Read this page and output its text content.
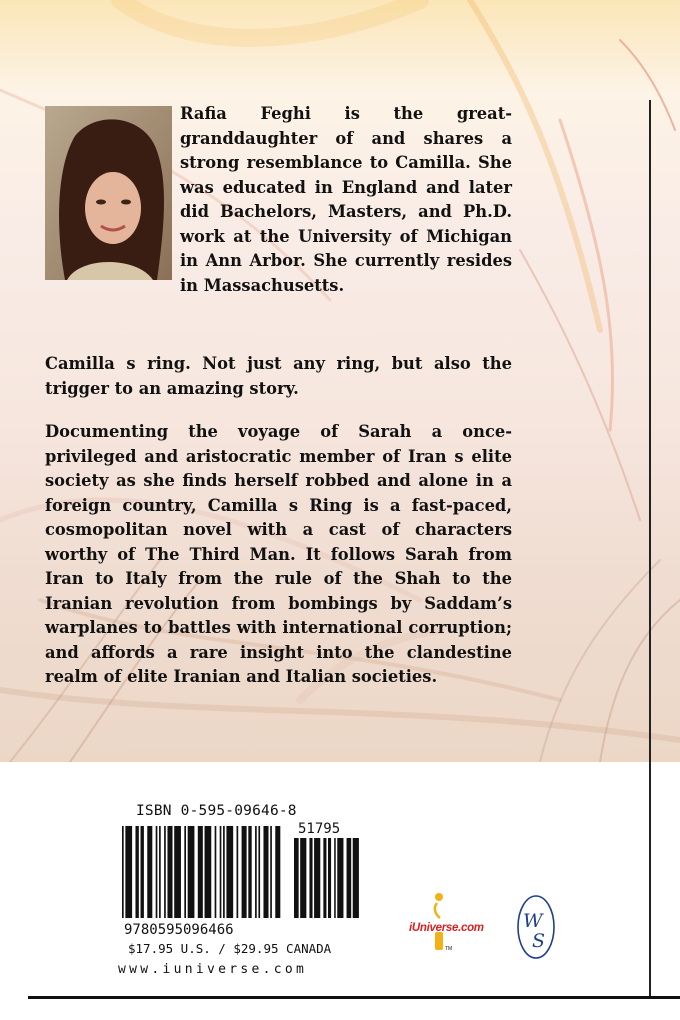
Rafia Feghi is the great-granddaughter of and shares a strong resemblance to Camilla. She was educated in England and later did Bachelors, Masters, and Ph.D. work at the University of Michigan in Ann Arbor. She currently resides in Massachusetts.

Camilla s ring. Not just any ring, but also the trigger to an amazing story.

Documenting the voyage of Sarah a once-privileged and aristocratic member of Iran s elite society as she finds herself robbed and alone in a foreign country, Camilla s Ring is a fast-paced, cosmopolitan novel with a cast of characters worthy of The Third Man. It follows Sarah from Iran to Italy from the rule of the Shah to the Iranian revolution from bombings by Saddam’s warplanes to battles with international corruption; and affords a rare insight into the clandestine realm of elite Iranian and Italian societies.

ISBN 0-595-09646-8
9780595096466
51795
$17.95 U.S. / $29.95 CANADA
www.iuniverse.com
TM
iUniverse.com W
S
